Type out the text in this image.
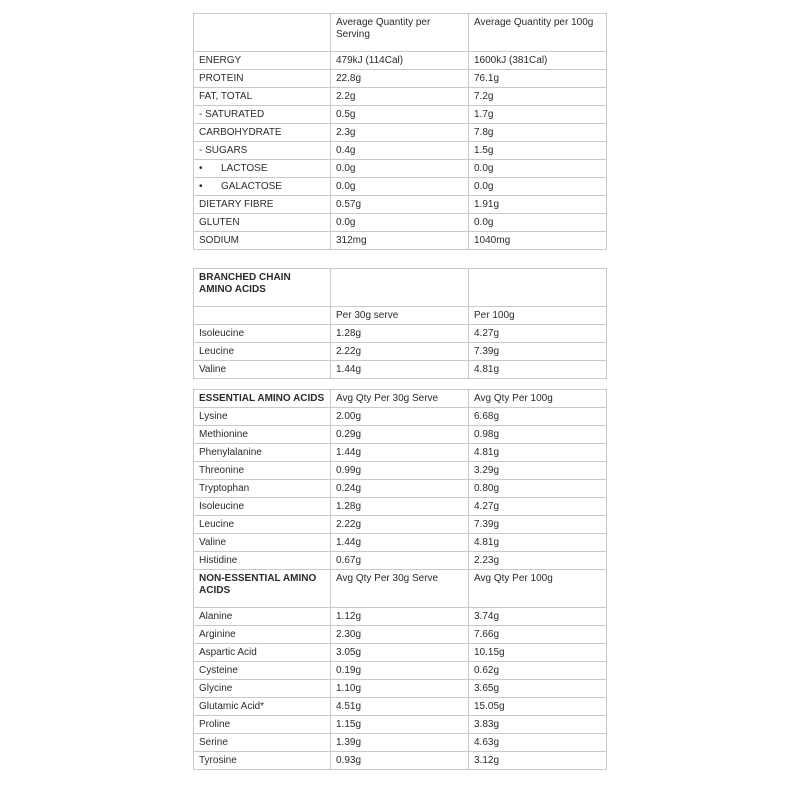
	Average Quantity per Serving	Average Quantity per 100g
ENERGY	479kJ (114Cal)	1600kJ (381Cal)
PROTEIN	22.8g	76.1g
FAT, TOTAL	2.2g	7.2g
- SATURATED	0.5g	1.7g
CARBOHYDRATE	2.3g	7.8g
- SUGARS	0.4g	1.5g
• LACTOSE	0.0g	0.0g
• GALACTOSE	0.0g	0.0g
DIETARY FIBRE	0.57g	1.91g
GLUTEN	0.0g	0.0g
SODIUM	312mg	1040mg
BRANCHED CHAIN AMINO ACIDS		
	Per 30g serve	Per 100g
Isoleucine	1.28g	4.27g
Leucine	2.22g	7.39g
Valine	1.44g	4.81g
ESSENTIAL AMINO ACIDS	Avg Qty Per 30g Serve	Avg Qty Per 100g
Lysine	2.00g	6.68g
Methionine	0.29g	0.98g
Phenylalanine	1.44g	4.81g
Threonine	0.99g	3.29g
Tryptophan	0.24g	0.80g
Isoleucine	1.28g	4.27g
Leucine	2.22g	7.39g
Valine	1.44g	4.81g
Histidine	0.67g	2.23g
NON-ESSENTIAL AMINO ACIDS	Avg Qty Per 30g Serve	Avg Qty Per 100g
Alanine	1.12g	3.74g
Arginine	2.30g	7.66g
Aspartic Acid	3.05g	10.15g
Cysteine	0.19g	0.62g
Glycine	1.10g	3.65g
Glutamic Acid*	4.51g	15.05g
Proline	1.15g	3.83g
Serine	1.39g	4.63g
Tyrosine	0.93g	3.12g
